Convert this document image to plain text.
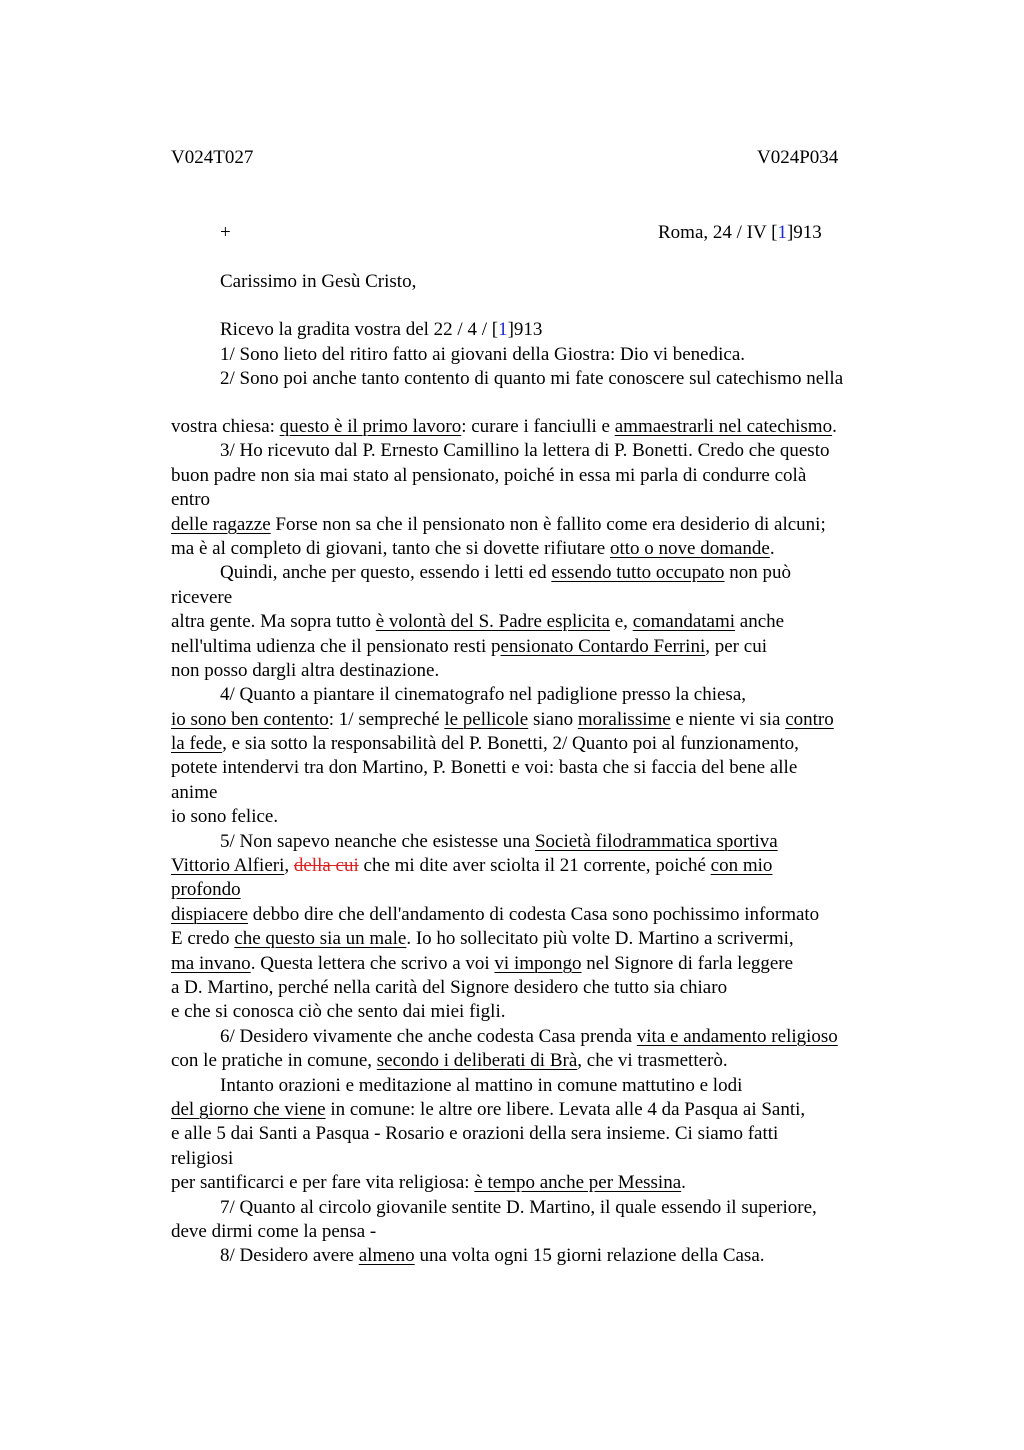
V024T027	V024P034
+	Roma, 24 / IV [1]913
Carissimo in Gesù Cristo,
Ricevo la gradita vostra del 22 / 4 / [1]913
1/ Sono lieto del ritiro fatto ai giovani della Giostra: Dio vi benedica.
2/ Sono poi anche tanto contento di quanto mi fate conoscere sul catechismo nella
vostra chiesa: questo è il primo lavoro: curare i fanciulli e ammaestrarli nel catechismo.
3/ Ho ricevuto dal P. Ernesto Camillino la lettera di P. Bonetti. Credo che questo
buon padre non sia mai stato al pensionato, poiché in essa mi parla di condurre colà
entro
delle ragazze Forse non sa che il pensionato non è fallito come era desiderio di alcuni;
ma è al completo di giovani, tanto che si dovette rifiutare otto o nove domande.
Quindi, anche per questo, essendo i letti ed essendo tutto occupato non può
ricevere
altra gente. Ma sopra tutto è volontà del S. Padre esplicita e, comandatami anche
nell'ultima udienza che il pensionato resti pensionato Contardo Ferrini, per cui
non posso dargli altra destinazione.
4/ Quanto a piantare il cinematografo nel padiglione presso la chiesa,
io sono ben contento: 1/ sempreché le pellicole siano moralissime e niente vi sia contro
la fede, e sia sotto la responsabilità del P. Bonetti, 2/ Quanto poi al funzionamento,
potete intendervi tra don Martino, P. Bonetti e voi: basta che si faccia del bene alle
anime
io sono felice.
5/ Non sapevo neanche che esistesse una Società filodrammatica sportiva
Vittorio Alfieri, della cui che mi dite aver sciolta il 21 corrente, poiché con mio
profondo
dispiacere debbo dire che dell'andamento di codesta Casa sono pochissimo informato
E credo che questo sia un male. Io ho sollecitato più volte D. Martino a scrivermi,
ma invano. Questa lettera che scrivo a voi vi impongo nel Signore di farla leggere
a D. Martino, perché nella carità del Signore desidero che tutto sia chiaro
e che si conosca ciò che sento dai miei figli.
6/ Desidero vivamente che anche codesta Casa prenda vita e andamento religioso
con le pratiche in comune, secondo i deliberati di Brà, che vi trasmetterò.
Intanto orazioni e meditazione al mattino in comune mattutino e lodi
del giorno che viene in comune: le altre ore libere. Levata alle 4 da Pasqua ai Santi,
e alle 5 dai Santi a Pasqua - Rosario e orazioni della sera insieme. Ci siamo fatti
religiosi
per santificarci e per fare vita religiosa: è tempo anche per Messina.
7/ Quanto al circolo giovanile sentite D. Martino, il quale essendo il superiore,
deve dirmi come la pensa -
8/ Desidero avere almeno una volta ogni 15 giorni relazione della Casa.
